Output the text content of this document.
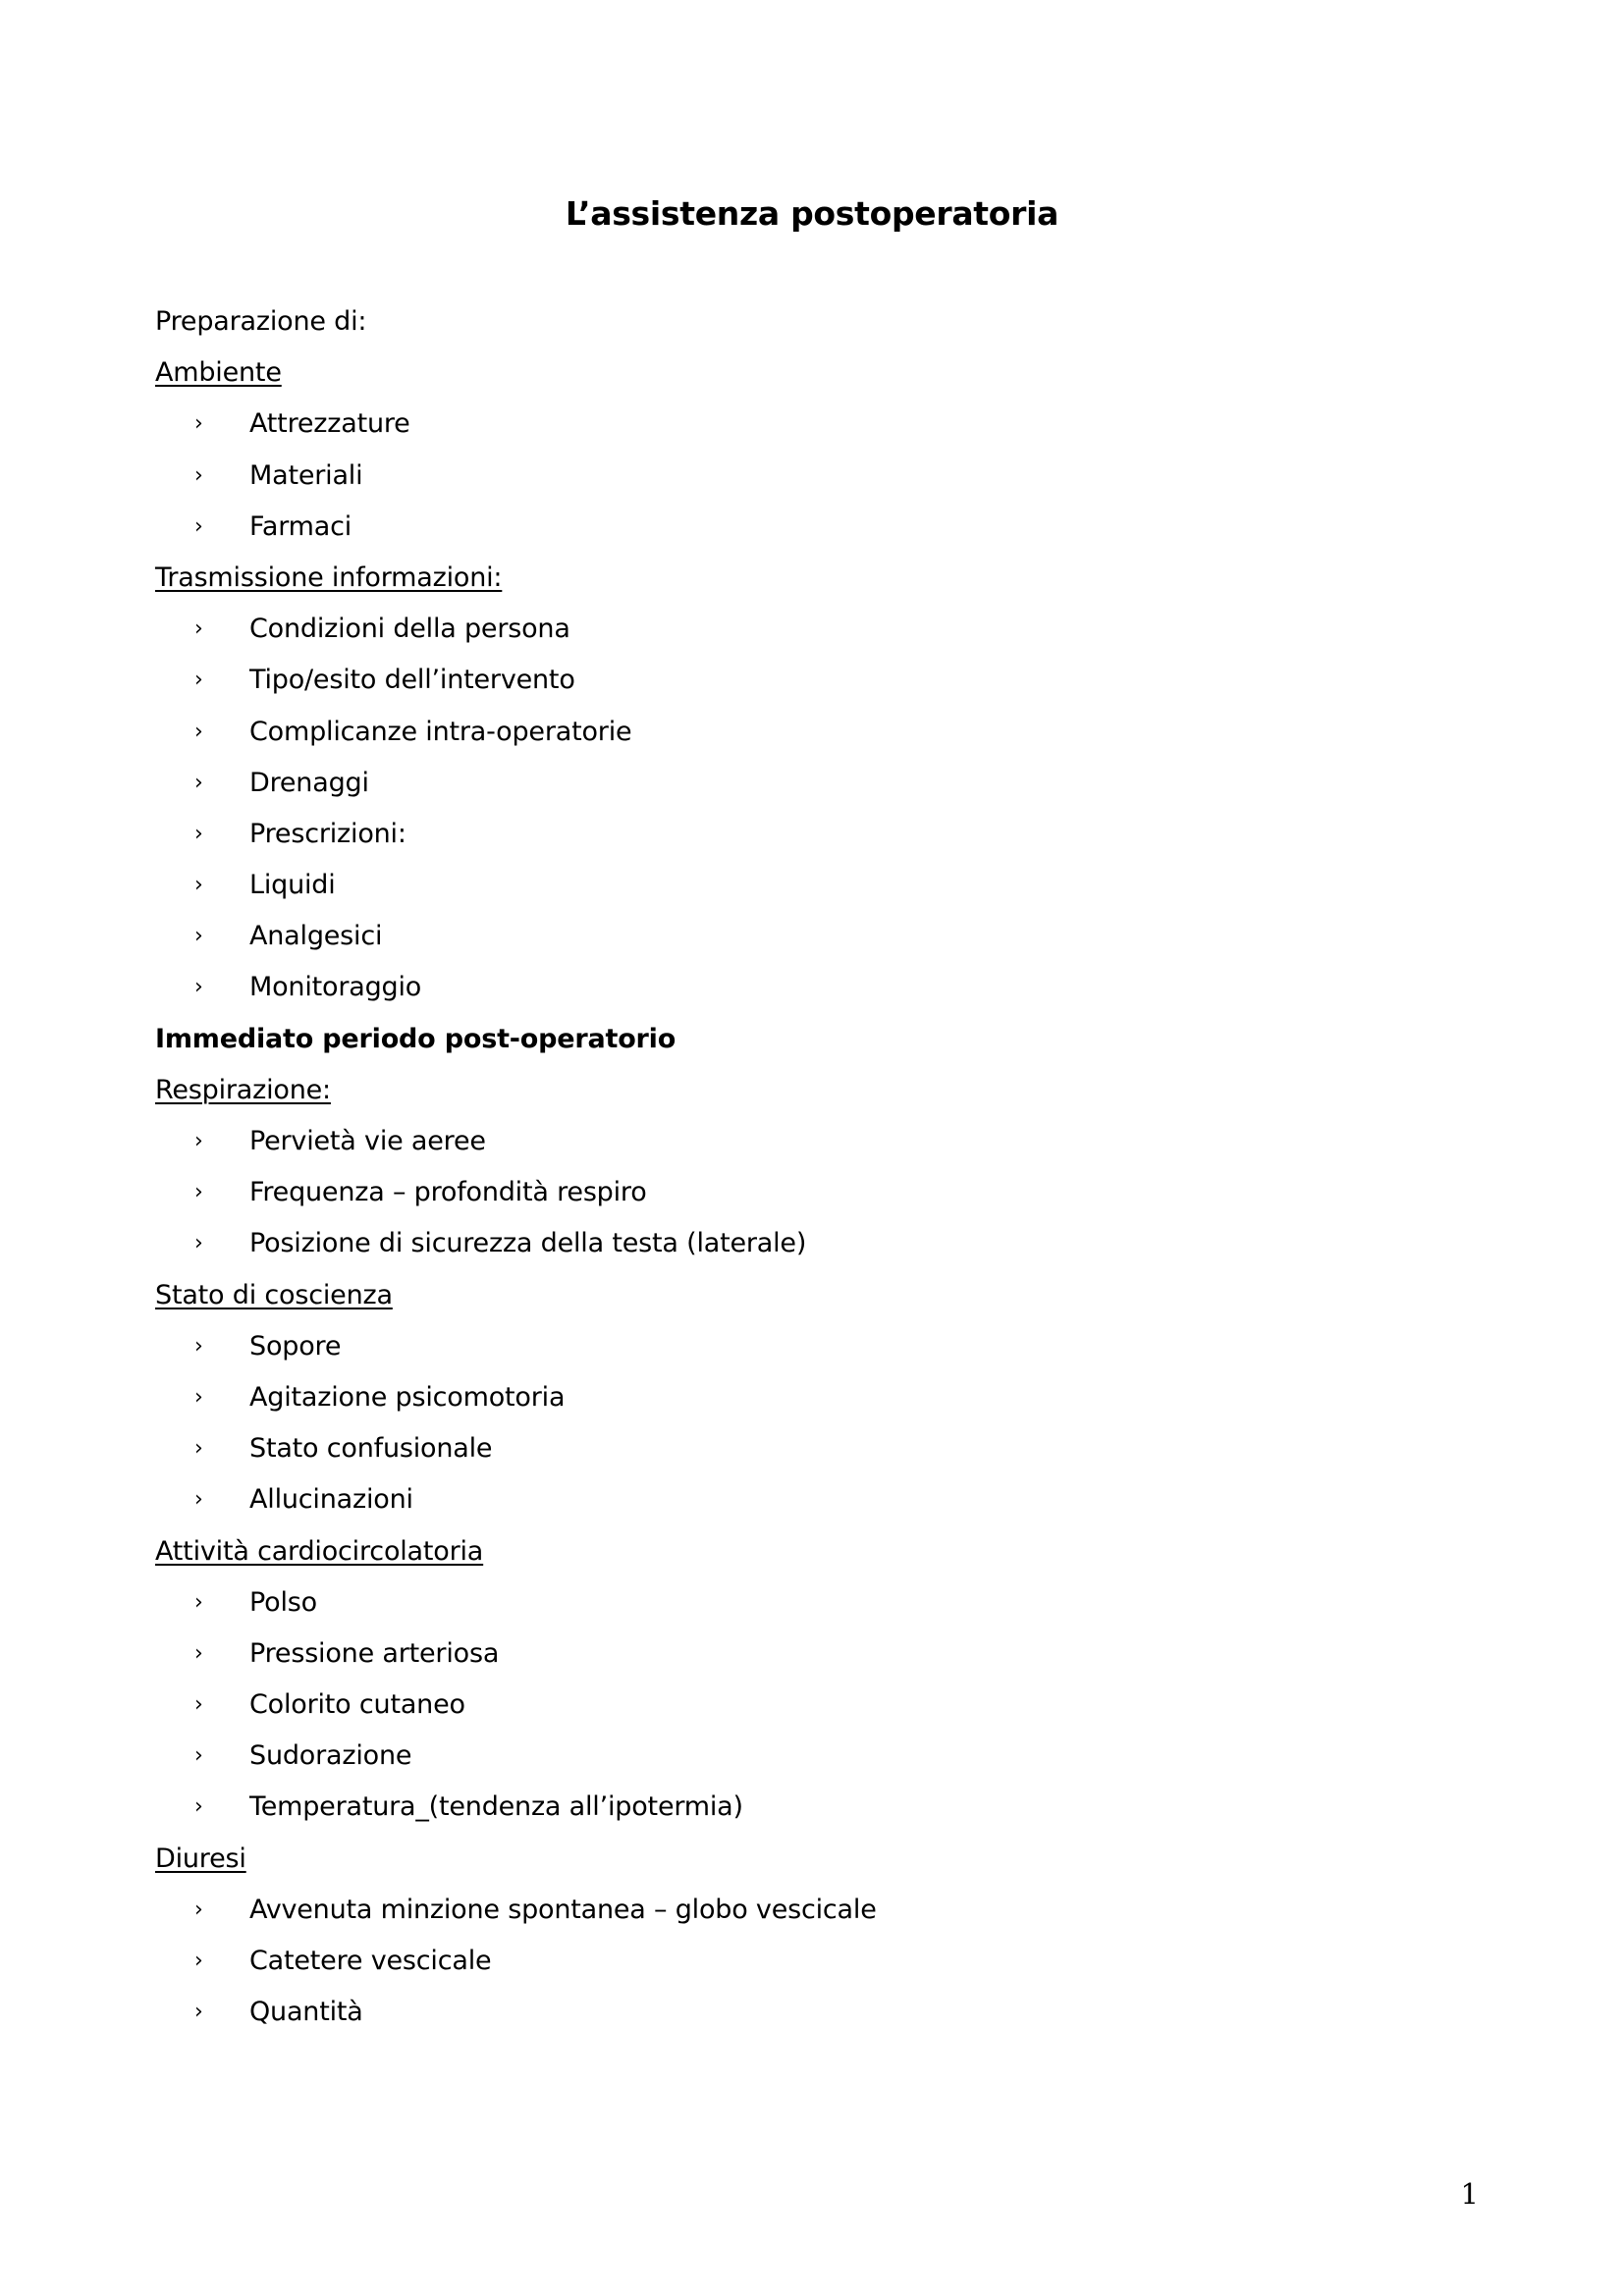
L’assistenza postoperatoria
Preparazione di:
Ambiente
› Attrezzature
› Materiali
› Farmaci
Trasmissione informazioni:
› Condizioni della persona
› Tipo/esito dell’intervento
› Complicanze intra-operatorie
› Drenaggi
› Prescrizioni:
› Liquidi
› Analgesici
› Monitoraggio
Immediato periodo post-operatorio
Respirazione:
› Pervietà vie aeree
› Frequenza – profondità respiro
› Posizione di sicurezza della testa (laterale)
Stato di coscienza
› Sopore
› Agitazione psicomotoria
› Stato confusionale
› Allucinazioni
Attività cardiocircolatoria
› Polso
› Pressione arteriosa
› Colorito cutaneo
› Sudorazione
› Temperatura_(tendenza all’ipotermia)
Diuresi
› Avvenuta minzione spontanea – globo vescicale
› Catetere vescicale
› Quantità
1
